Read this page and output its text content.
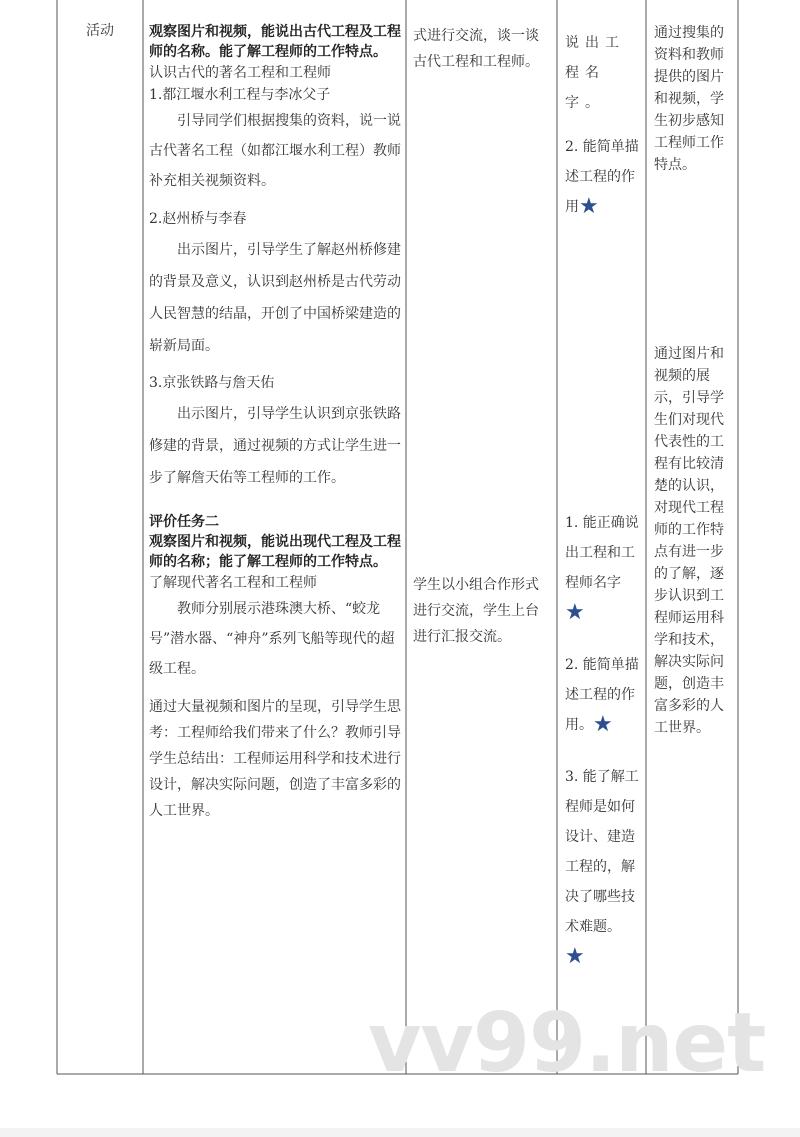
活动	观察图片和视频，能说出古代工程及工程师的名称。能了解工程师的工作特点。
认识古代的著名工程和工程师
1.都江堰水利工程与李冰父子
引导同学们根据搜集的资料，说一说古代著名工程（如都江堰水利工程）教师补充相关视频资料。
2.赵州桥与李春
出示图片，引导学生了解赵州桥修建的背景及意义，认识到赵州桥是古代劳动人民智慧的结晶，开创了中国桥梁建造的崭新局面。
3.京张铁路与詹天佑
出示图片，引导学生认识到京张铁路修建的背景，通过视频的方式让学生进一步了解詹天佑等工程师的工作。
评价任务二
观察图片和视频，能说出现代工程及工程师的名称；能了解工程师的工作特点。
了解现代著名工程和工程师
教师分别展示港珠澳大桥、“蛟龙号”潜水器、“神舟”系列飞船等现代的超级工程。
通过大量视频和图片的呈现，引导学生思考：工程师给我们带来了什么？教师引导学生总结出：工程师运用科学和技术进行设计，解决实际问题，创造了丰富多彩的人工世界。
式进行交流，谈一谈古代工程和工程师。
学生以小组合作形式进行交流，学生上台进行汇报交流。
说出工程名字。
2. 能简单描述工程的作用★
1. 能正确说出工程和工程师名字★
2. 能简单描述工程的作用。★
3. 能了解工程师是如何设计、建造工程的，解决了哪些技术难题。★
通过搜集的资料和教师提供的图片和视频，学生初步感知工程师工作特点。
通过图片和视频的展示，引导学生们对现代代表性的工程有比较清楚的认识，对现代工程师的工作特点有进一步的了解，逐步认识到工程师运用科学和技术，解决实际问题，创造丰富多彩的人工世界。
vv99.net
